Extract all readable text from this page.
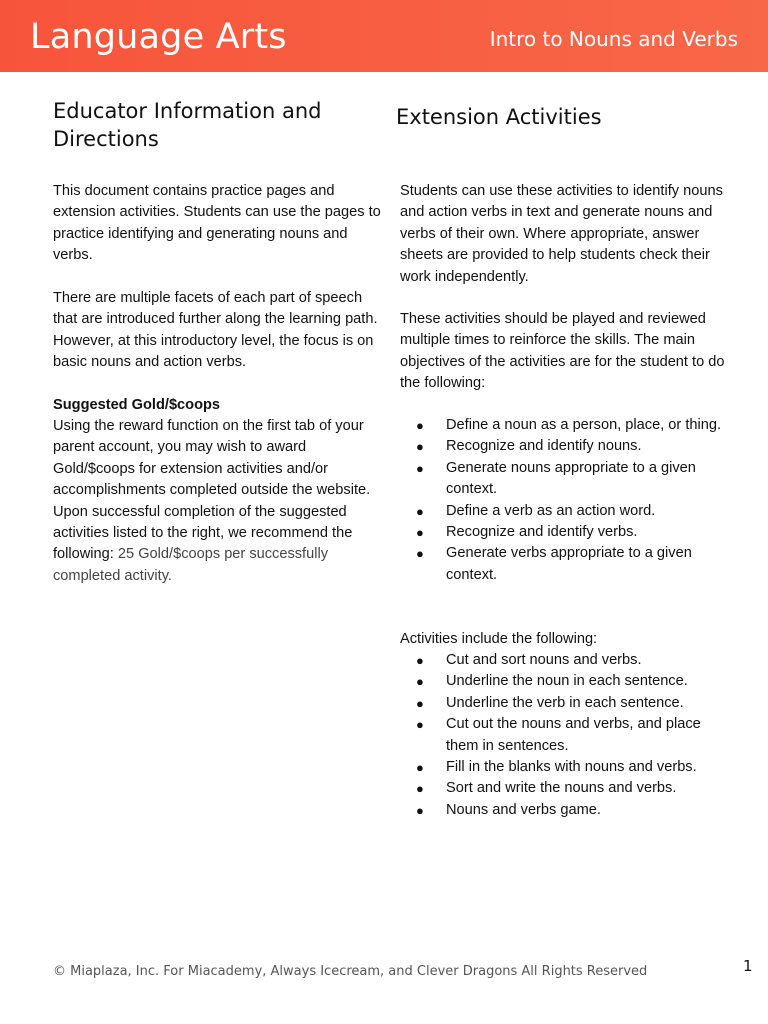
Language Arts	Intro to Nouns and Verbs
Educator Information and Directions

This document contains practice pages and extension activities. Students can use the pages to practice identifying and generating nouns and verbs.

There are multiple facets of each part of speech that are introduced further along the learning path. However, at this introductory level, the focus is on basic nouns and action verbs.

Suggested Gold/$coops

Using the reward function on the first tab of your parent account, you may wish to award Gold/$coops for extension activities and/or accomplishments completed outside the website. Upon successful completion of the suggested activities listed to the right, we recommend the following: 25 Gold/$coops per successfully completed activity.

Extension Activities

Students can use these activities to identify nouns and action verbs in text and generate nouns and verbs of their own. Where appropriate, answer sheets are provided to help students check their work independently.

These activities should be played and reviewed multiple times to reinforce the skills. The main objectives of the activities are for the student to do the following:

● Define a noun as a person, place, or thing.
● Recognize and identify nouns.
● Generate nouns appropriate to a given context.
● Define a verb as an action word.
● Recognize and identify verbs.
● Generate verbs appropriate to a given context.

Activities include the following:

● Cut and sort nouns and verbs.
● Underline the noun in each sentence.
● Underline the verb in each sentence.
● Cut out the nouns and verbs, and place them in sentences.
● Fill in the blanks with nouns and verbs.
● Sort and write the nouns and verbs.
● Nouns and verbs game.
© Miaplaza, Inc. For Miacademy, Always Icecream, and Clever Dragons All Rights Reserved	1
